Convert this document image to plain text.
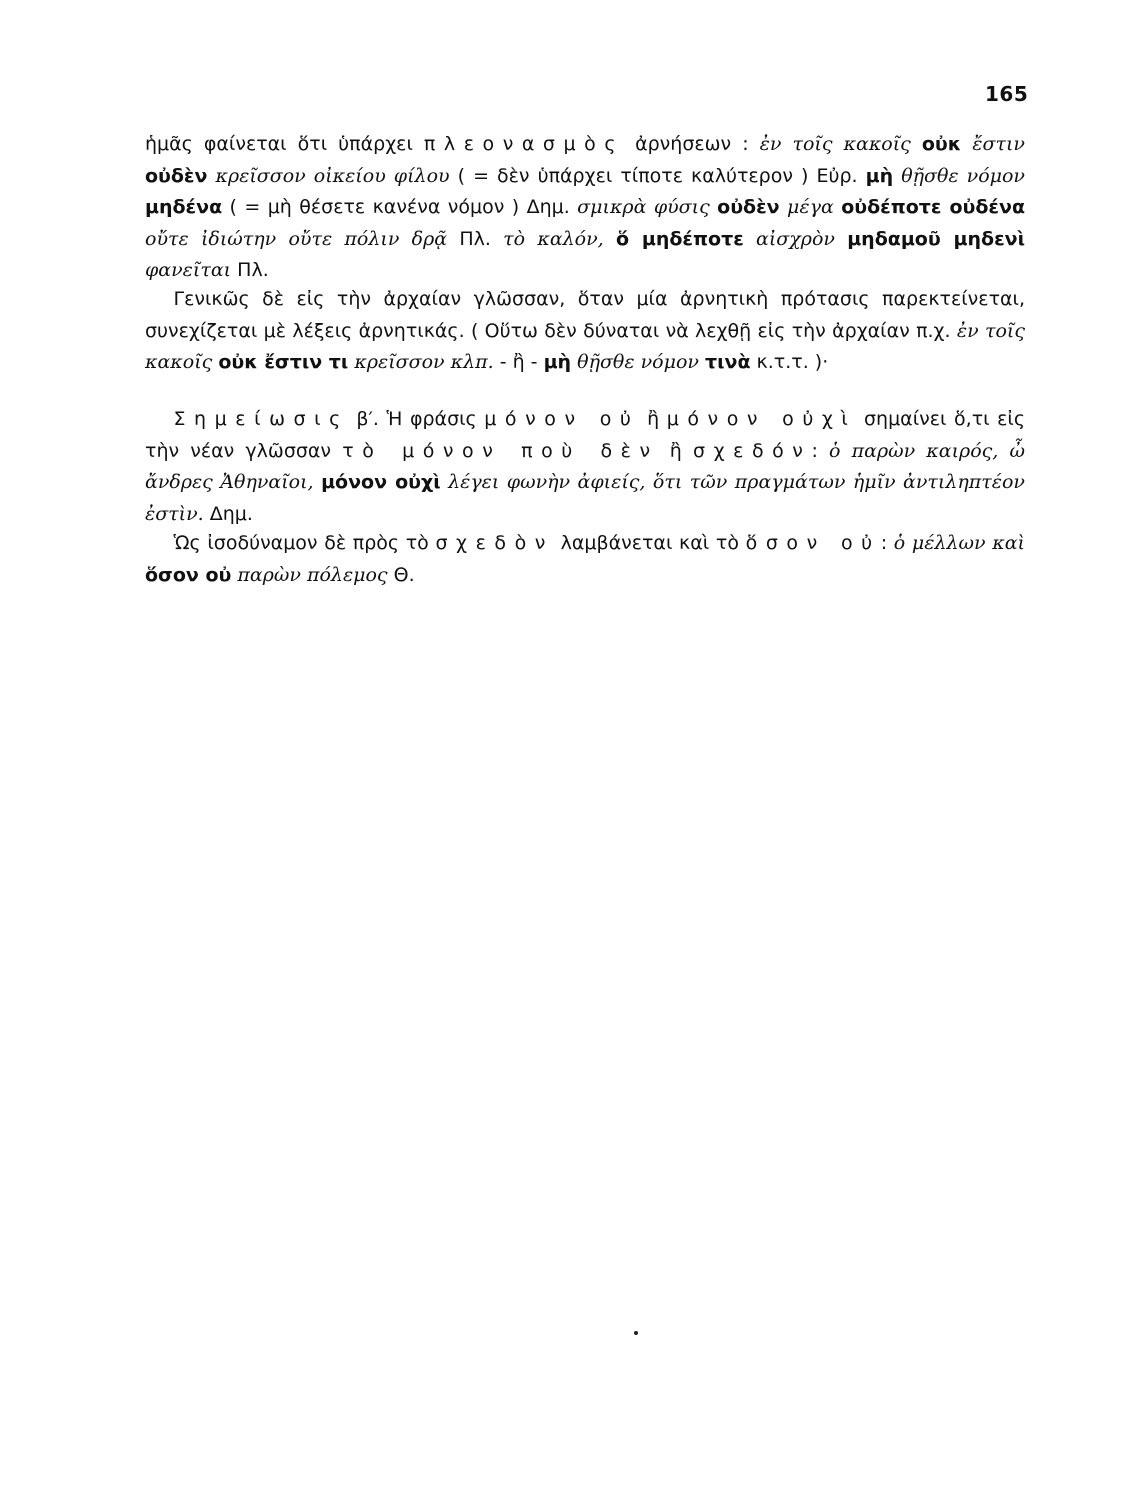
165
ἡμᾶς φαίνεται ὅτι ὑπάρχει πλεονασμὸς ἀρνήσεων : ἐν τοῖς κακοῖς οὐκ ἔστιν οὐδὲν κρεῖσσον οἰκείου φίλου ( = δὲν ὑπάρχει τίποτε καλύτερον ) Εὐρ. μὴ θῇσθε νόμον μηδένα ( = μὴ θέσετε κανένα νόμον ) Δημ. σμικρὰ φύσις οὐδὲν μέγα οὐδέποτε οὐδένα οὔτε ἰδιώτην οὔτε πόλιν δρᾷ Πλ. τὸ καλόν, ὅ μηδέποτε αἰσχρὸν μηδαμοῦ μηδενὶ φανεῖται Πλ.
  Γενικῶς δὲ εἰς τὴν ἀρχαίαν γλῶσσαν, ὅταν μία ἀρνητικὴ πρότασις παρεκτείνεται, συνεχίζεται μὲ λέξεις ἀρνητικάς. ( Οὕτω δὲν δύναται νὰ λεχθῇ εἰς τὴν ἀρχαίαν π.χ. ἐν τοῖς κακοῖς οὐκ ἔστιν τι κρεῖσσον κλπ. - ἢ - μὴ θῇσθε νόμον τινὰ κ.τ.τ. )·
  Σημείωσις β′. Ἡ φράσις μόνον οὐ ἢ μόνον οὐχὶ σημαίνει ὅ,τι εἰς τὴν νέαν γλῶσσαν τὸ μόνον ποὺ δὲν ἢ σχεδόν: ὁ παρὼν καιρός, ὦ ἄνδρες Ἀθηναῖοι, μόνον οὐχὶ λέγει φωνὴν ἀφιείς, ὅτι τῶν πραγμάτων ἡμῖν ἀντιληπτέον ἐστὶν. Δημ.
  Ὡς ἰσοδύναμον δὲ πρὸς τὸ σχεδὸν λαμβάνεται καὶ τὸ ὅσον οὐ: ὁ μέλλων καὶ ὅσον οὐ παρὼν πόλεμος Θ.
